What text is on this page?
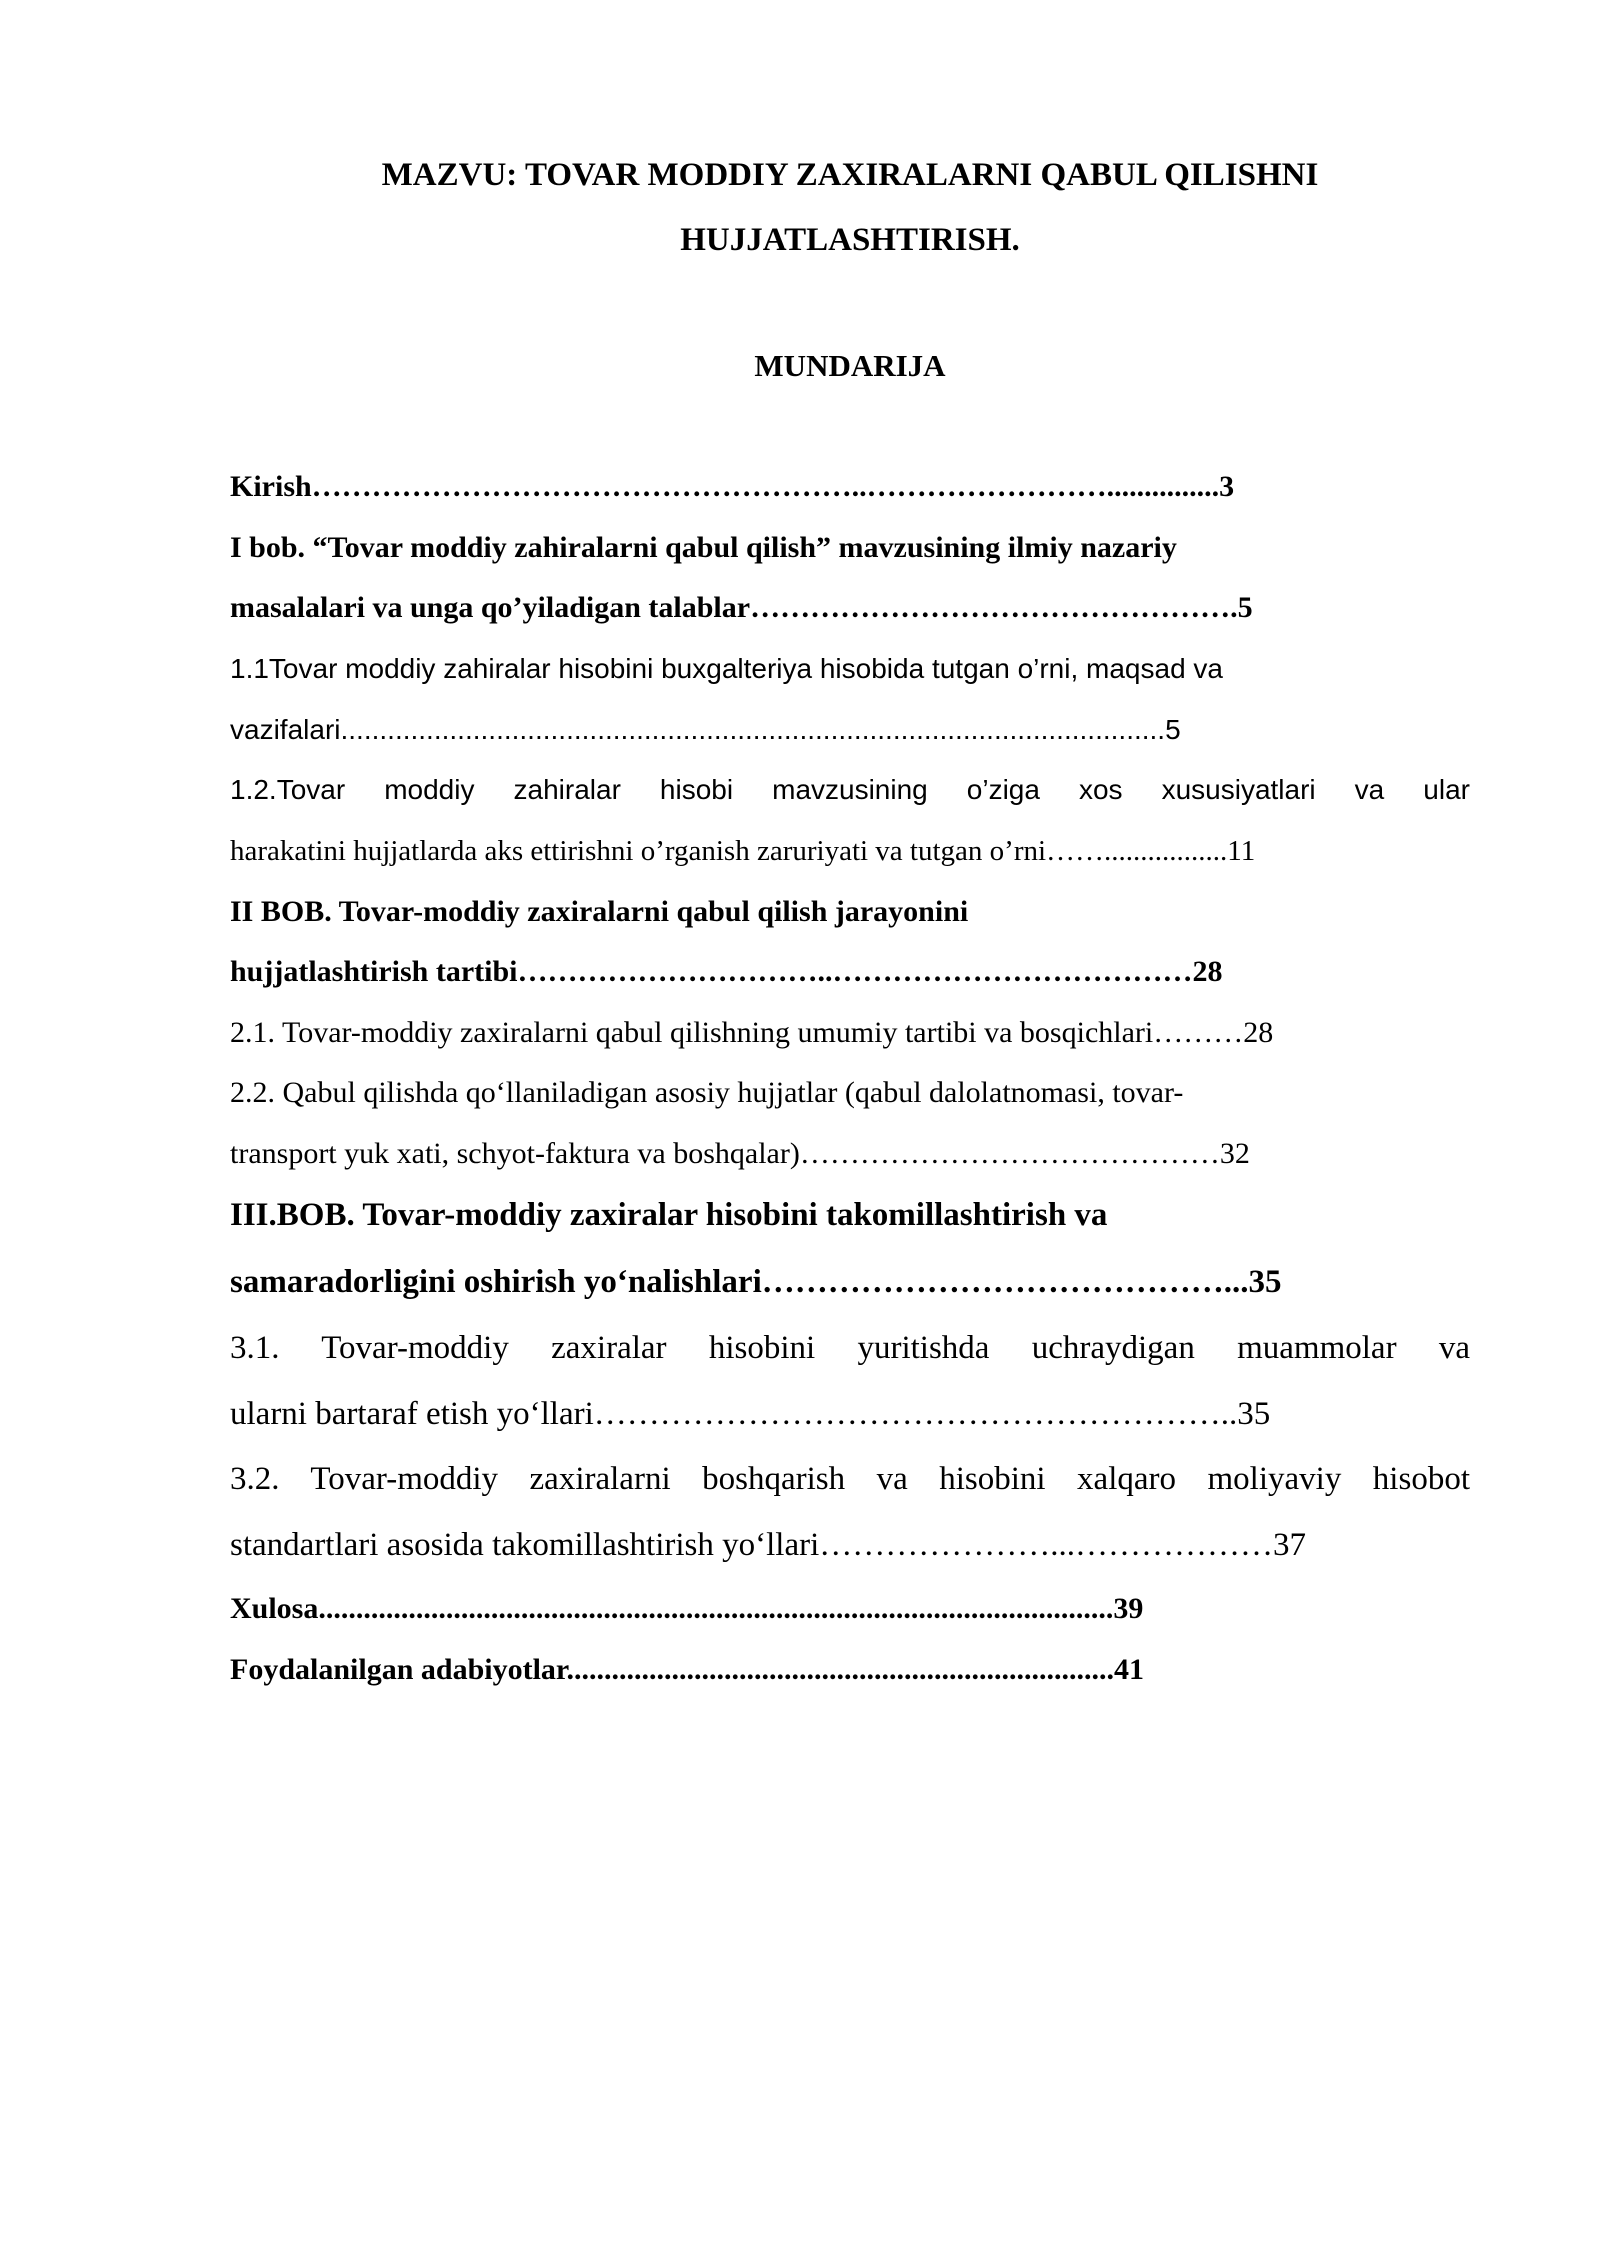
MAZVU: TOVAR MODDIY ZAXIRALARNI QABUL QILISHNI
HUJJATLASHTIRISH.
MUNDARIJA
Kirish………………………………………………..……………………...............3
I bob. “Tovar moddiy zahiralarni qabul qilish” mavzusining ilmiy nazariy
masalalari va unga qo’yiladigan talablar………………………………………….5
1.1Tovar moddiy zahiralar hisobini buxgalteriya hisobida tutgan o’rni, maqsad va
vazifalari..........................................................................................................5
1.2.Tovar moddiy zahiralar hisobi mavzusining o’ziga xos xususiyatlari va ular
harakatini hujjatlarda aks ettirishni o’rganish zaruriyati va tutgan o’rni…….................11
II BOB. Tovar-moddiy zaxiralarni qabul qilish jarayonini
hujjatlashtirish tartibi…………………………..………………………………28
2.1. Tovar-moddiy zaxiralarni qabul qilishning umumiy tartibi va bosqichlari………28
2.2. Qabul qilishda qoʻllaniladigan asosiy hujjatlar (qabul dalolatnomasi, tovar-
transport yuk xati, schyot-faktura va boshqalar)……………………………………32
III.BOB. Tovar-moddiy zaxiralar hisobini takomillashtirish va
samaradorligini oshirish yoʻnalishlari……………………………………...35
3.1. Tovar-moddiy zaxiralar hisobini yuritishda uchraydigan muammolar va
ularni bartaraf etish yoʻllari…………………………………………………..35
3.2. Tovar-moddiy zaxiralarni boshqarish va hisobini xalqaro moliyaviy hisobot
standartlari asosida takomillashtirish yoʻllari…………………...………………37
Xulosa..........................................................................................................39
Foydalanilgan adabiyotlar.........................................................................41
